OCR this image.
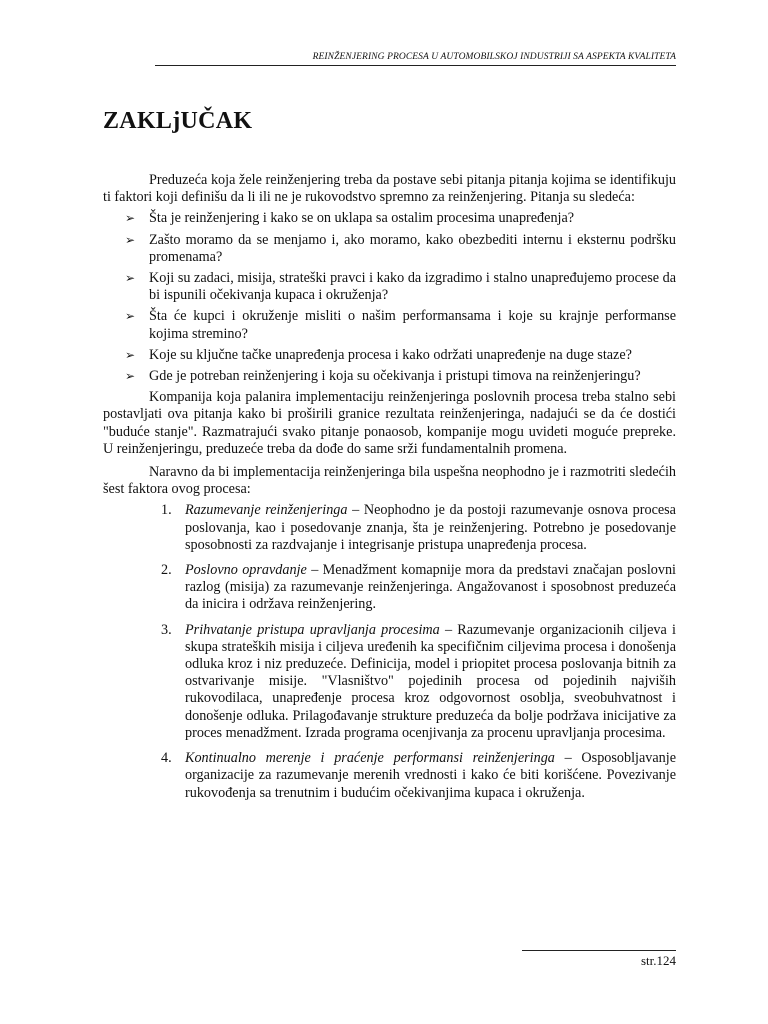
REINŽENJERING PROCESA U AUTOMOBILSKOJ INDUSTRIJI SA ASPEKTA KVALITETA
ZAKLjUČAK

Preduzeća koja žele reinženjering treba da postave sebi pitanja pitanja kojima se identifikuju ti faktori koji definišu da li ili ne je rukovodstvo spremno za reinženjering. Pitanja su sledeća:

➢ Šta je reinženjering i kako se on uklapa sa ostalim procesima unapređenja?
➢ Zašto moramo da se menjamo i, ako moramo, kako obezbediti internu i eksternu podršku promenama?
➢ Koji su zadaci, misija, strateški pravci i kako da izgradimo i stalno unapređujemo procese da bi ispunili očekivanja kupaca i okruženja?
➢ Šta će kupci i okruženje misliti o našim performansama i koje su krajnje performanse kojima stremino?
➢ Koje su ključne tačke unapređenja procesa i kako održati unapređenje na duge staze?
➢ Gde je potreban reinženjering i koja su očekivanja i pristupi timova na reinženjeringu?

Kompanija koja palanira implementaciju reinženjeringa poslovnih procesa treba stalno sebi postavljati ova pitanja kako bi proširili granice rezultata reinženjeringa, nadajući se da će dostići "buduće stanje". Razmatrajući svako pitanje ponaosob, kompanije mogu uvideti moguće prepreke. U reinženjeringu, preduzeće treba da dođe do same srži fundamentalnih promena.

Naravno da bi implementacija reinženjeringa bila uspešna neophodno je i razmotriti sledećih šest faktora ovog procesa:

1. Razumevanje reinženjeringa – Neophodno je da postoji razumevanje osnova procesa poslovanja, kao i posedovanje znanja, šta je reinženjering. Potrebno je posedovanje sposobnosti za razdvajanje i integrisanje pristupa unapređenja procesa.
2. Poslovno opravdanje – Menadžment komapnije mora da predstavi značajan poslovni razlog (misija) za razumevanje reinženjeringa. Angažovanost i sposobnost preduzeća da inicira i održava reinženjering.
3. Prihvatanje pristupa upravljanja procesima – Razumevanje organizacionih ciljeva i skupa strateških misija i ciljeva uređenih ka specifičnim ciljevima procesa i donošenja odluka kroz i niz preduzeće. Definicija, model i priopitet procesa poslovanja bitnih za ostvarivanje misije. "Vlasništvo" pojedinih procesa od pojedinih najviših rukovodilaca, unapređenje procesa kroz odgovornost osoblja, sveobuhvatnost i donošenje odluka. Prilagođavanje strukture preduzeća da bolje podržava inicijative za proces menadžment. Izrada programa ocenjivanja za procenu upravljanja procesima.
4. Kontinualno merenje i praćenje performansi reinženjeringa – Osposobljavanje organizacije za razumevanje merenih vrednosti i kako će biti korišćene. Povezivanje rukovođenja sa trenutnim i budućim očekivanjima kupaca i okruženja.
str.124
